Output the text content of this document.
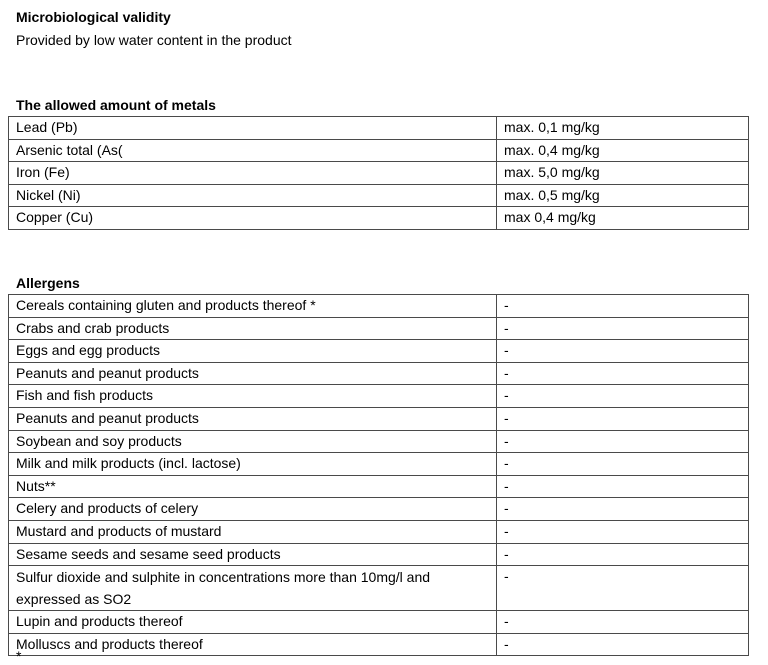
Microbiological validity
Provided by low water content in the product
The allowed amount of metals
Lead (Pb)	max. 0,1 mg/kg
Arsenic total (As(	max. 0,4 mg/kg
Iron (Fe)	max. 5,0 mg/kg
Nickel (Ni)	max. 0,5 mg/kg
Copper (Cu)	max 0,4 mg/kg
Allergens
Cereals containing gluten and products thereof *	-
Crabs and crab products	-
Eggs and egg products	-
Peanuts and peanut products	-
Fish and fish products	-
Peanuts and peanut products	-
Soybean and soy products	-
Milk and milk products (incl. lactose)	-
Nuts**	-
Celery and products of celery	-
Mustard and products of mustard	-
Sesame seeds and sesame seed products	-
Sulfur dioxide and sulphite in concentrations more than 10mg/l and expressed as SO2	-
Lupin and products thereof	-
Molluscs and products thereof	-
*
